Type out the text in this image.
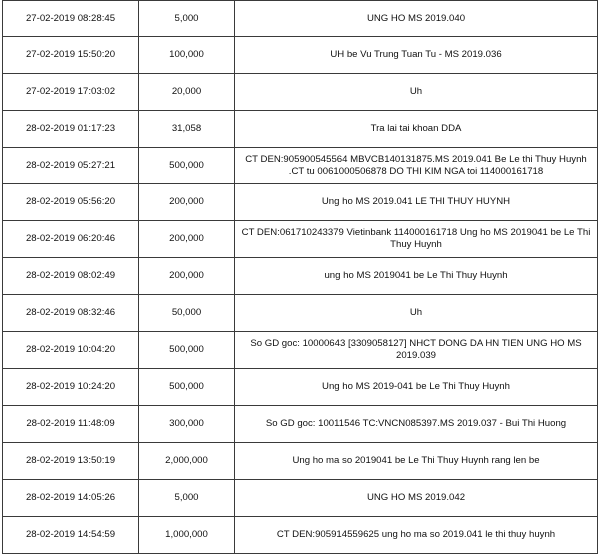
27-02-2019 08:28:45	5,000	UNG HO MS 2019.040
27-02-2019 15:50:20	100,000	UH be Vu Trung Tuan Tu - MS 2019.036
27-02-2019 17:03:02	20,000	Uh
28-02-2019 01:17:23	31,058	Tra lai tai khoan DDA
28-02-2019 05:27:21	500,000	CT DEN:905900545564 MBVCB140131875.MS 2019.041 Be Le thi Thuy Huynh .CT tu 0061000506878 DO THI KIM NGA toi 114000161718
28-02-2019 05:56:20	200,000	Ung ho MS 2019.041 LE THI THUY HUYNH
28-02-2019 06:20:46	200,000	CT DEN:061710243379 Vietinbank 114000161718 Ung ho MS 2019041 be Le Thi Thuy Huynh
28-02-2019 08:02:49	200,000	ung ho MS 2019041 be Le Thi Thuy Huynh
28-02-2019 08:32:46	50,000	Uh
28-02-2019 10:04:20	500,000	So GD goc: 10000643 [3309058127] NHCT DONG DA HN TIEN UNG HO MS 2019.039
28-02-2019 10:24:20	500,000	Ung ho MS 2019-041 be Le Thi Thuy Huynh
28-02-2019 11:48:09	300,000	So GD goc: 10011546 TC:VNCN085397.MS 2019.037 - Bui Thi Huong
28-02-2019 13:50:19	2,000,000	Ung ho ma so 2019041 be Le Thi Thuy Huynh rang len be
28-02-2019 14:05:26	5,000	UNG HO MS 2019.042
28-02-2019 14:54:59	1,000,000	CT DEN:905914559625 ung ho ma so 2019.041 le thi thuy huynh
